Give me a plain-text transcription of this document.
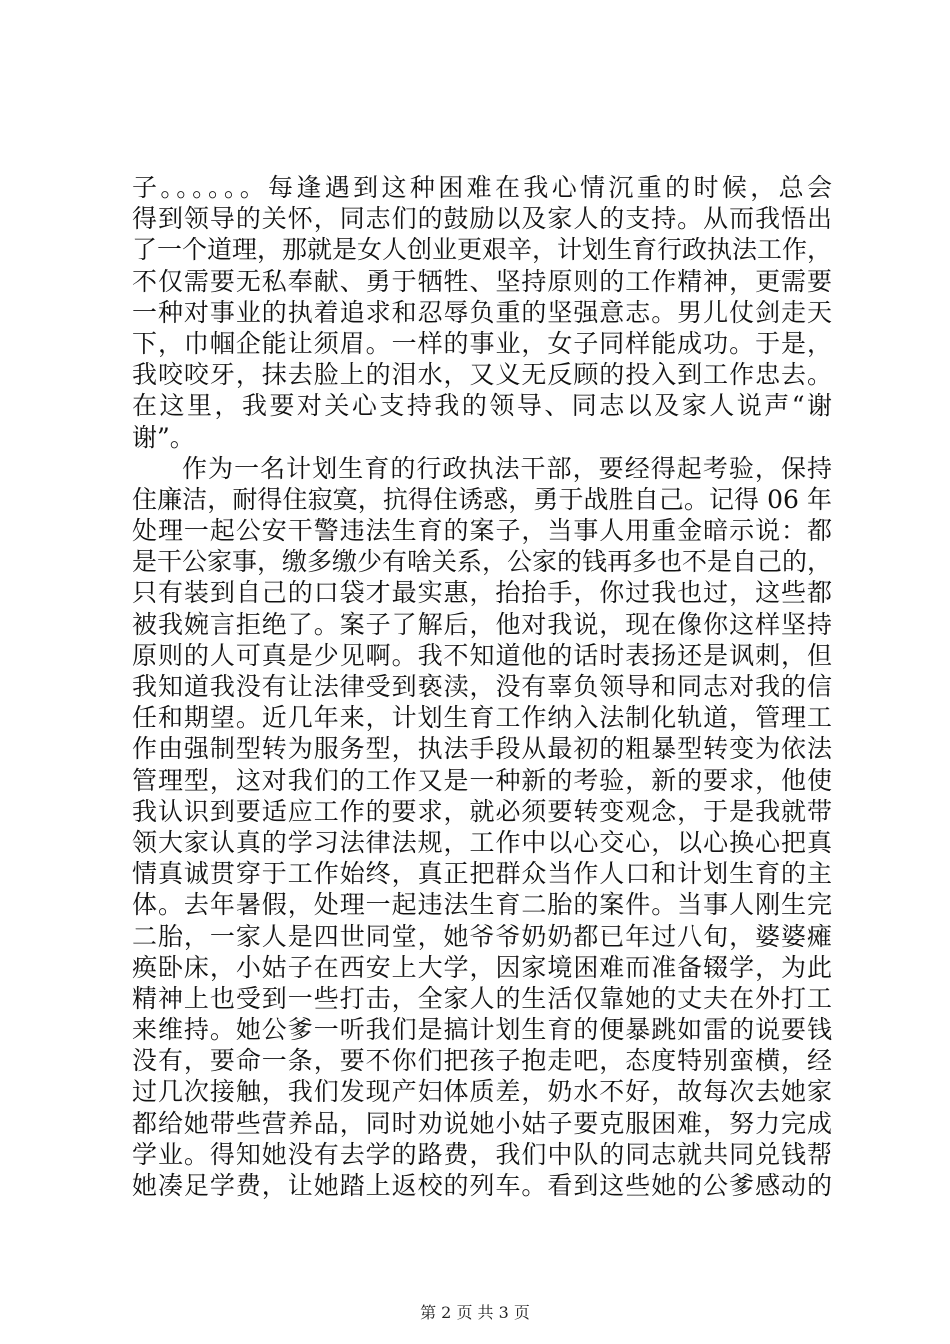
子。。。。。。每逢遇到这种困难在我心情沉重的时候，总会
得到领导的关怀，同志们的鼓励以及家人的支持。从而我悟出
了一个道理，那就是女人创业更艰辛，计划生育行政执法工作，
不仅需要无私奉献、勇于牺牲、坚持原则的工作精神，更需要
一种对事业的执着追求和忍辱负重的坚强意志。男儿仗剑走天
下，巾帼企能让须眉。一样的事业，女子同样能成功。于是，
我咬咬牙，抹去脸上的泪水，又义无反顾的投入到工作忠去。
在这里，我要对关心支持我的领导、同志以及家人说声“谢
谢”。
作为一名计划生育的行政执法干部，要经得起考验，保持
住廉洁，耐得住寂寞，抗得住诱惑，勇于战胜自己。记得 06 年
处理一起公安干警违法生育的案子，当事人用重金暗示说：都
是干公家事，缴多缴少有啥关系，公家的钱再多也不是自己的，
只有装到自己的口袋才最实惠，抬抬手，你过我也过，这些都
被我婉言拒绝了。案子了解后，他对我说，现在像你这样坚持
原则的人可真是少见啊。我不知道他的话时表扬还是讽刺，但
我知道我没有让法律受到亵渎，没有辜负领导和同志对我的信
任和期望。近几年来，计划生育工作纳入法制化轨道，管理工
作由强制型转为服务型，执法手段从最初的粗暴型转变为依法
管理型，这对我们的工作又是一种新的考验，新的要求，他使
我认识到要适应工作的要求，就必须要转变观念，于是我就带
领大家认真的学习法律法规，工作中以心交心，以心换心把真
情真诚贯穿于工作始终，真正把群众当作人口和计划生育的主
体。去年暑假，处理一起违法生育二胎的案件。当事人刚生完
二胎，一家人是四世同堂，她爷爷奶奶都已年过八旬，婆婆瘫
痪卧床，小姑子在西安上大学，因家境困难而准备辍学，为此
精神上也受到一些打击，全家人的生活仅靠她的丈夫在外打工
来维持。她公爹一听我们是搞计划生育的便暴跳如雷的说要钱
没有，要命一条，要不你们把孩子抱走吧，态度特别蛮横，经
过几次接触，我们发现产妇体质差，奶水不好，故每次去她家
都给她带些营养品，同时劝说她小姑子要克服困难，努力完成
学业。得知她没有去学的路费，我们中队的同志就共同兑钱帮
她凑足学费，让她踏上返校的列车。看到这些她的公爹感动的
第 2 页 共 3 页
